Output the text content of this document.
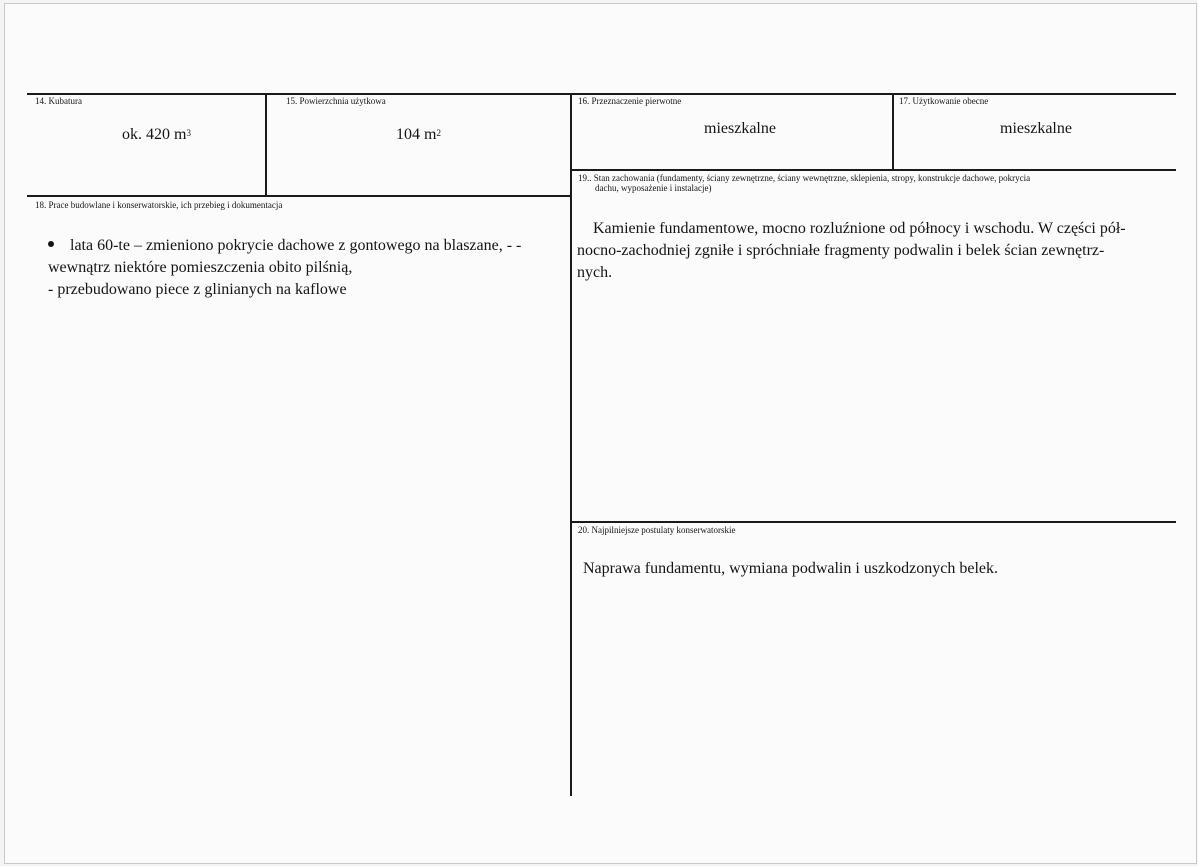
14. Kubatura
ok. 420 $m^3$
15. Powierzchnia użytkowa
104 $m^2$
16. Przeznaczenie pierwotne
mieszkalne
17. Użytkowanie obecne
mieszkalne
18. Prace budowlane i konserwatorskie, ich przebieg i dokumentacja
lata 60-te – zmieniono pokrycie dachowe z gontowego na blaszane, - -
wewnątrz niektóre pomieszczenia obito pilśnią,
- przebudowano piece z glinianych na kaflowe
19.. Stan zachowania (fundamenty, ściany zewnętrzne, ściany wewnętrzne, sklepienia, stropy, konstrukcje dachowe, pokrycia
dachu, wyposażenie i instalacje)
Kamienie fundamentowe, mocno rozluźnione od północy i wschodu. W części pół-
nocno-zachodniej zgniłe i spróchniałe fragmenty podwalin i belek ścian zewnętrz-
nych.
20. Najpilniejsze postulaty konserwatorskie
Naprawa fundamentu, wymiana podwalin i uszkodzonych belek.
